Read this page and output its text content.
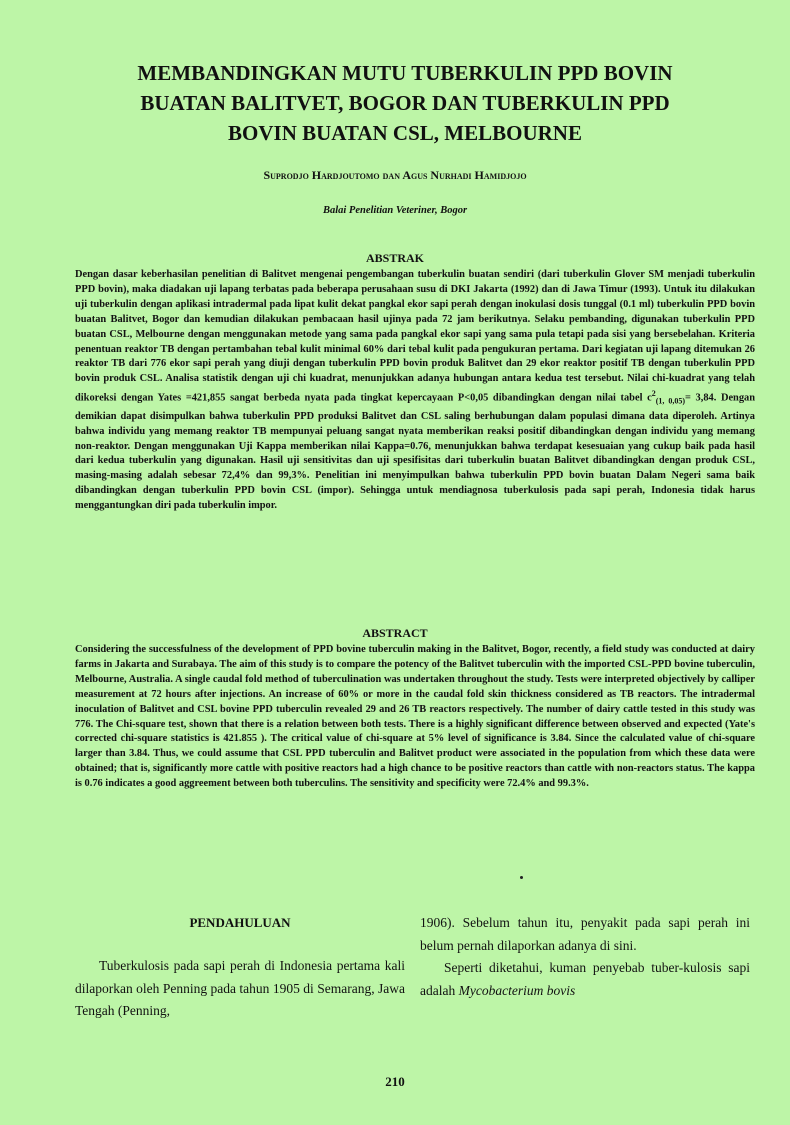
MEMBANDINGKAN MUTU TUBERKULIN PPD BOVIN
BUATAN BALITVET, BOGOR DAN TUBERKULIN PPD
BOVIN BUATAN CSL, MELBOURNE
Suprodjo Hardjoutomo dan Agus Nurhadi Hamidjojo
Balai Penelitian Veteriner, Bogor
ABSTRAK

Dengan dasar keberhasilan penelitian di Balitvet mengenai pengembangan tuberkulin buatan sendiri (dari tuberkulin Glover SM menjadi tuberkulin PPD bovin), maka diadakan uji lapang terbatas pada beberapa perusahaan susu di DKI Jakarta (1992) dan di Jawa Timur (1993). Untuk itu dilakukan uji tuberkulin dengan aplikasi intradermal pada lipat kulit dekat pangkal ekor sapi perah dengan inokulasi dosis tunggal (0.1 ml) tuberkulin PPD bovin buatan Balitvet, Bogor dan kemudian dilakukan pembacaan hasil ujinya pada 72 jam berikutnya. Selaku pembanding, digunakan tuberkulin PPD buatan CSL, Melbourne dengan menggunakan metode yang sama pada pangkal ekor sapi yang sama pula tetapi pada sisi yang bersebelahan. Kriteria penentuan reaktor TB dengan pertambahan tebal kulit minimal 60% dari tebal kulit pada pengukuran pertama. Dari kegiatan uji lapang ditemukan 26 reaktor TB dari 776 ekor sapi perah yang diuji dengan tuberkulin PPD bovin produk Balitvet dan 29 ekor reaktor positif TB dengan tuberkulin PPD bovin produk CSL. Analisa statistik dengan uji chi kuadrat, menunjukkan adanya hubungan antara kedua test tersebut. Nilai chi-kuadrat yang telah dikoreksi dengan Yates =421,855 sangat berbeda nyata pada tingkat kepercayaan P<0,05 dibandingkan dengan nilai tabel $c^2_{(1, 0,05)}= 3,84$. Dengan demikian dapat disimpulkan bahwa tuberkulin PPD produksi Balitvet dan CSL saling berhubungan dalam populasi dimana data diperoleh. Artinya bahwa individu yang memang reaktor TB mempunyai peluang sangat nyata memberikan reaksi positif dibandingkan dengan individu yang memang non-reaktor. Dengan menggunakan Uji Kappa memberikan nilai Kappa=0.76, menunjukkan bahwa terdapat kesesuaian yang cukup baik pada hasil dari kedua tuberkulin yang digunakan. Hasil uji sensitivitas dan uji spesifisitas dari tuberkulin buatan Balitvet dibandingkan dengan produk CSL, masing-masing adalah sebesar 72,4% dan 99,3%. Penelitian ini menyimpulkan bahwa tuberkulin PPD bovin buatan Dalam Negeri sama baik dibandingkan dengan tuberkulin PPD bovin CSL (impor). Sehingga untuk mendiagnosa tuberkulosis pada sapi perah, Indonesia tidak harus menggantungkan diri pada tuberkulin impor.

ABSTRACT

Considering the successfulness of the development of PPD bovine tuberculin making in the Balitvet, Bogor, recently, a field study was conducted at dairy farms in Jakarta and Surabaya. The aim of this study is to compare the potency of the Balitvet tuberculin with the imported CSL-PPD bovine tuberculin, Melbourne, Australia. A single caudal fold method of tuberculination was undertaken throughout the study. Tests were interpreted objectively by calliper measurement at 72 hours after injections. An increase of 60% or more in the caudal fold skin thickness considered as TB reactors. The intradermal inoculation of Balitvet and CSL bovine PPD tuberculin revealed 29 and 26 TB reactors respectively. The number of dairy cattle tested in this study was 776. The Chi-square test, shown that there is a relation between both tests. There is a highly significant difference between observed and expected (Yate's corrected chi-square statistics is 421.855 ). The critical value of chi-square at 5% level of significance is 3.84. Since the calculated value of chi-square larger than 3.84. Thus, we could assume that CSL PPD tuberculin and Balitvet product were associated in the population from which these data were obtained; that is, significantly more cattle with positive reactors had a high chance to be positive reactors than cattle with non-reactors status. The kappa is 0.76 indicates a good aggreement between both tuberculins. The sensitivity and specificity were 72.4% and 99.3%.

PENDAHULUAN

Tuberkulosis pada sapi perah di Indonesia pertama kali dilaporkan oleh Penning pada tahun 1905 di Semarang, Jawa Tengah (Penning,

1906). Sebelum tahun itu, penyakit pada sapi perah ini belum pernah dilaporkan adanya di sini.

Seperti diketahui, kuman penyebab tuber-kulosis sapi adalah Mycobacterium bovis

210
